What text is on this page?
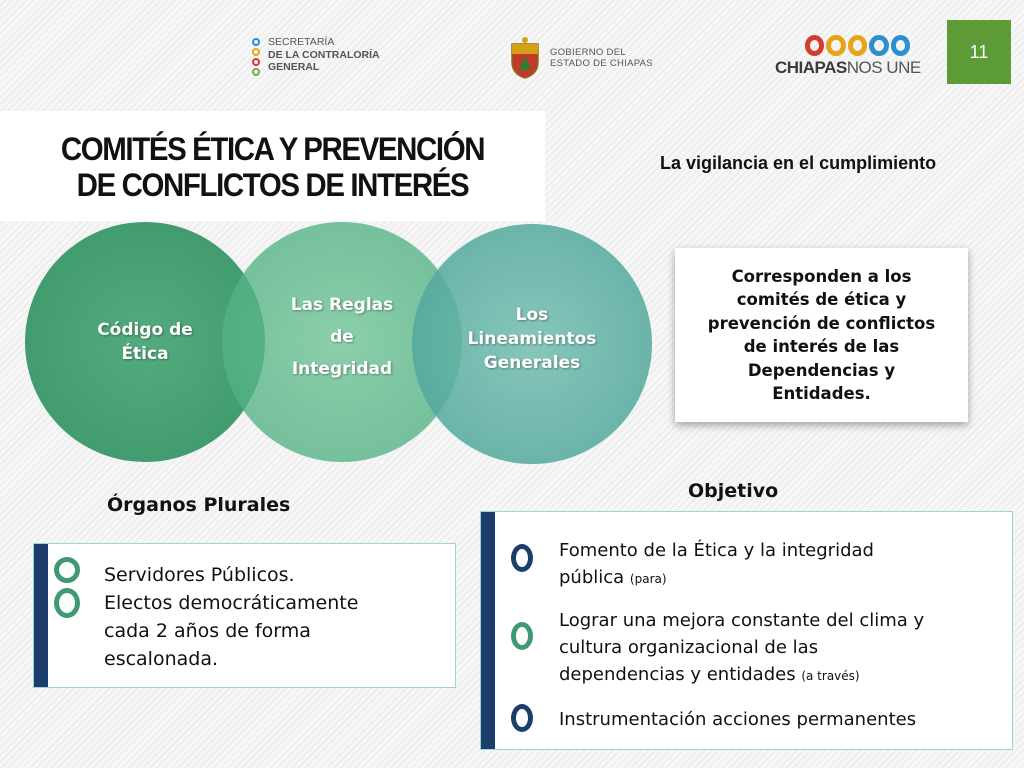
11
SECRETARÍA
DE LA CONTRALORÍA
GENERAL
GOBIERNO DEL
ESTADO DE CHIAPAS	CHIAPASNOS UNE
COMITÉS ÉTICA Y PREVENCIÓN
DE CONFLICTOS DE INTERÉS
La vigilancia en el cumplimiento
Código de
Ética
Las Reglas
de
Integridad
Los
Lineamientos
Generales
Corresponden a los
comités de ética y
prevención de conflictos
de interés de las
Dependencias y
Entidades.
Órganos Plurales
Objetivo
Servidores Públicos.
Electos democráticamente
cada 2 años de forma
escalonada.
Fomento de la Ética y la integridad
pública (para)
Lograr una mejora constante del clima y
cultura organizacional de las
dependencias y entidades (a través)
Instrumentación acciones permanentes
